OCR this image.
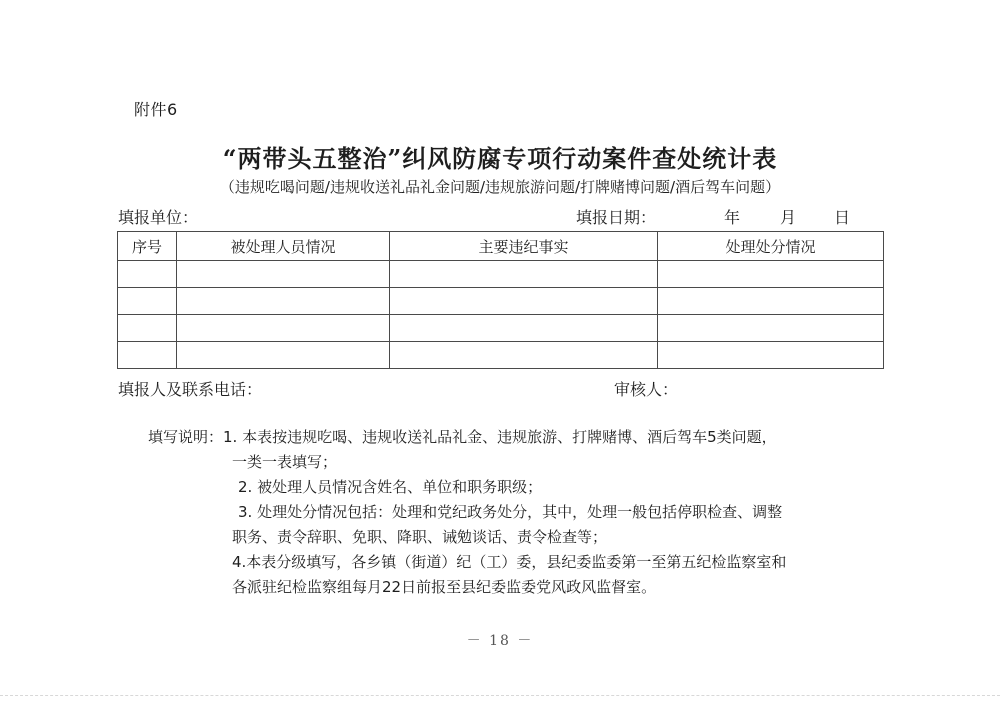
附件6
“两带头五整治”纠风防腐专项行动案件查处统计表
（违规吃喝问题/违规收送礼品礼金问题/违规旅游问题/打牌赌博问题/酒后驾车问题）
填报单位：	填报日期：	年	月	日
序号	被处理人员情况	主要违纪事实	处理处分情况

填报人及联系电话：	审核人：
填写说明： 1. 本表按违规吃喝、违规收送礼品礼金、违规旅游、打牌赌博、酒后驾车5类问题，
一类一表填写；
2. 被处理人员情况含姓名、单位和职务职级；
3. 处理处分情况包括：处理和党纪政务处分，其中，处理一般包括停职检查、调整
职务、责令辞职、免职、降职、诫勉谈话、责令检查等；
4.本表分级填写，各乡镇（街道）纪（工）委，县纪委监委第一至第五纪检监察室和
各派驻纪检监察组每月22日前报至县纪委监委党风政风监督室。
－ 18 －
